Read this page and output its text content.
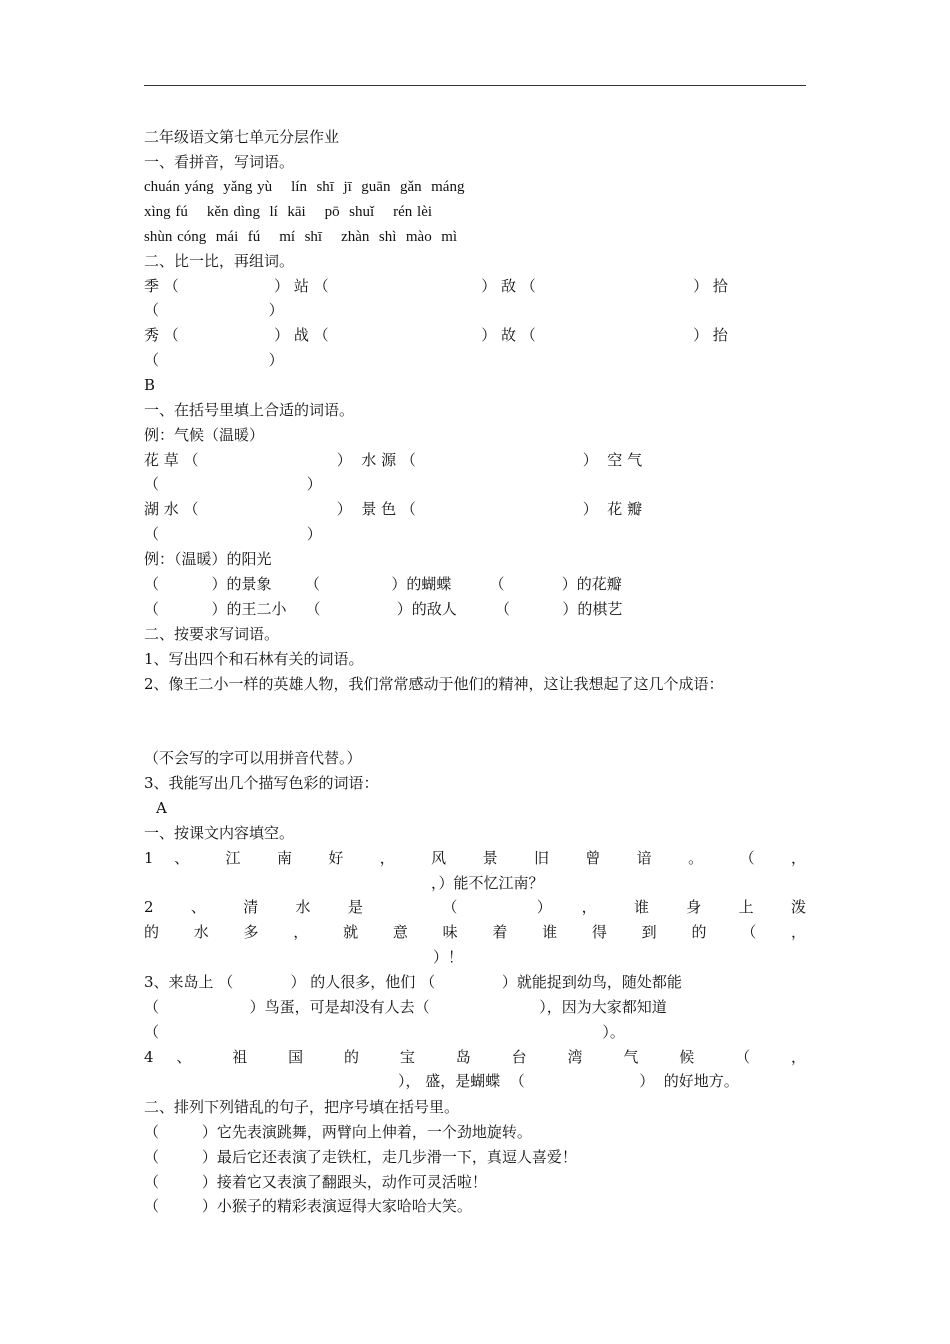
二年级语文第七单元分层作业
一、看拼音，写词语。
chuán yáng  yǎng yù    lín  shī  jī  guān  gǎn  máng
xìng fú    kěn dìng  lí  kāi    pō  shuǐ    rén lèi
shùn cóng  mái  fú    mí  shī    zhàn  shì  mào  mì
二、比一比，再组词。
季 （                    ） 站 （                                ） 敌 （                                 ） 拾
（                       ）
秀 （                    ） 战 （                                ） 故 （                                 ） 抬
（                       ）
B
一、在括号里填上合适的词语。
例：气候（温暖）
花 草 （                             ）  水 源 （                                   ）  空 气
（                               ）
湖 水 （                             ）  景 色 （                                   ）  花 瓣
（                               ）
例：（温暖）的阳光
（           ）的景象       （               ）的蝴蝶        （            ）的花瓣
（           ）的王二小    （                ）的敌人        （           ）的棋艺
二、按要求写词语。
1、写出四个和石林有关的词语。
2、像王二小一样的英雄人物，我们常常感动于他们的精神，这让我想起了这几个成语：
（不会写的字可以用拼音代替。）
3、我能写出几个描写色彩的词语：
A
一、按课文内容填空。
1 、 江 南 好 ， 风 景 旧 曾 谙 。 （ ，
，）能不忆江南？
2、清水是 （ ），谁身上泼
的 水 多 ， 就 意 味 着 谁 得 到 的 （ ，
）！
3、来岛上 （            ） 的人很多，他们 （              ）就能捉到幼鸟，随处都能
（                   ）鸟蛋，可是却没有人去（                       ），因为大家都知道
（                                                                                             ）。
4 、 祖 国 的 宝 岛 台 湾 气 候 （ ，
）， 盛，是蝴蝶  （                        ）  的好地方。
二、排列下列错乱的句子，把序号填在括号里。
（         ）它先表演跳舞，两臂向上伸着，一个劲地旋转。
（         ）最后它还表演了走铁杠，走几步滑一下，真逗人喜爱！
（         ）接着它又表演了翻跟头，动作可灵活啦！
（         ）小猴子的精彩表演逗得大家哈哈大笑。
